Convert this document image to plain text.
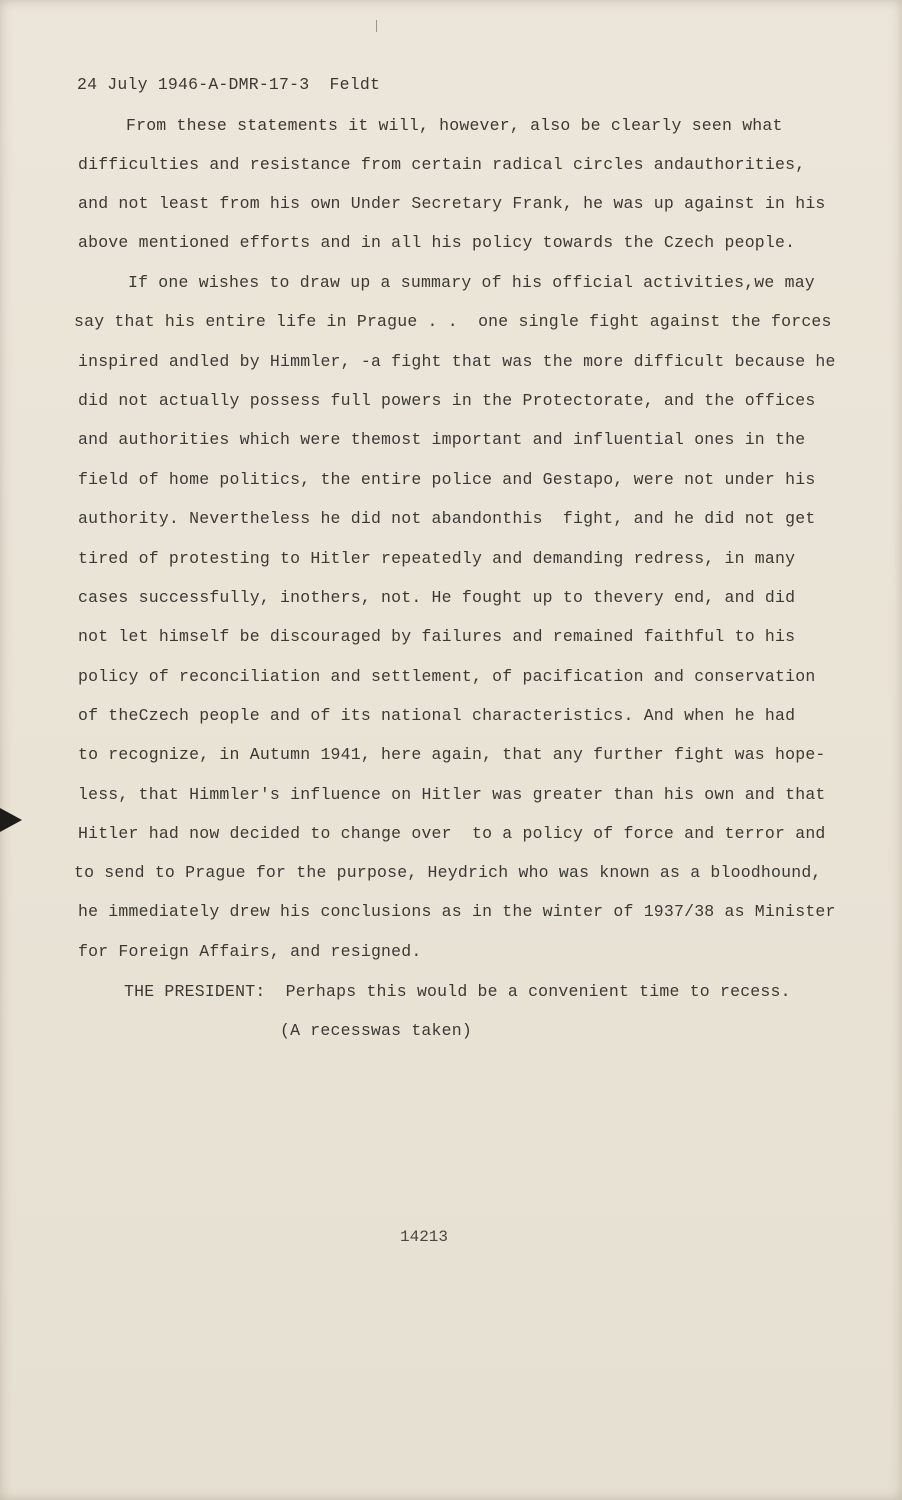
24 July 1946-A-DMR-17-3  Feldt
From these statements it will, however, also be clearly seen what
difficulties and resistance from certain radical circles andauthorities,
and not least from his own Under Secretary Frank, he was up against in his
above mentioned efforts and in all his policy towards the Czech people.
If one wishes to draw up a summary of his official activities,we may
say that his entire life in Prague . .  one single fight against the forces
inspired andled by Himmler, -a fight that was the more difficult because he
did not actually possess full powers in the Protectorate, and the offices
and authorities which were themost important and influential ones in the
field of home politics, the entire police and Gestapo, were not under his
authority. Nevertheless he did not abandonthis  fight, and he did not get
tired of protesting to Hitler repeatedly and demanding redress, in many
cases successfully, inothers, not. He fought up to thevery end, and did
not let himself be discouraged by failures and remained faithful to his
policy of reconciliation and settlement, of pacification and conservation
of theCzech people and of its national characteristics. And when he had
to recognize, in Autumn 1941, here again, that any further fight was hope-
less, that Himmler's influence on Hitler was greater than his own and that
Hitler had now decided to change over  to a policy of force and terror and
to send to Prague for the purpose, Heydrich who was known as a bloodhound,
he immediately drew his conclusions as in the winter of 1937/38 as Minister
for Foreign Affairs, and resigned.
THE PRESIDENT:  Perhaps this would be a convenient time to recess.
(A recesswas taken)
14213
